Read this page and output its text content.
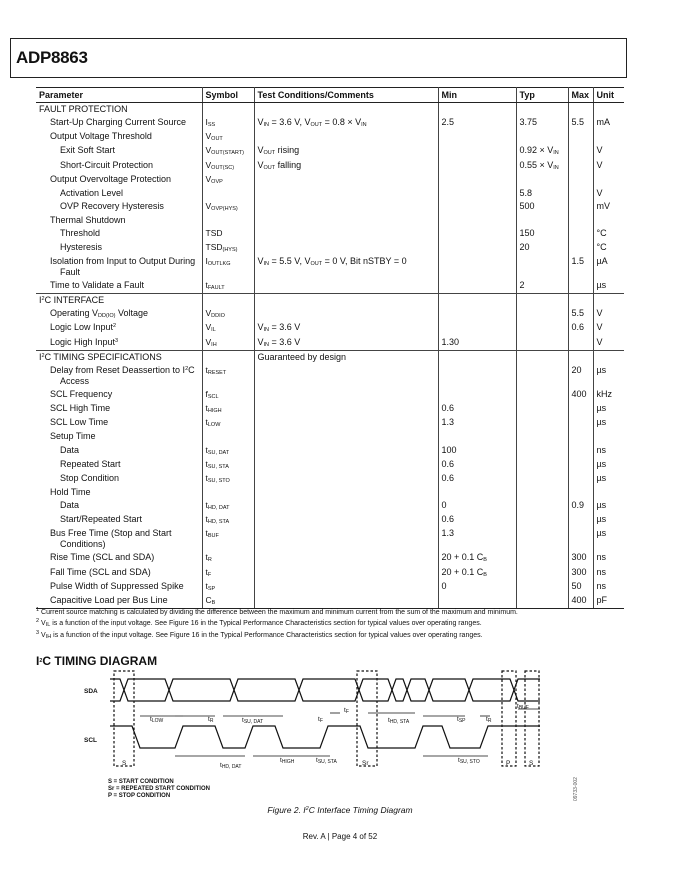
ADP8863
Parameter	Symbol	Test Conditions/Comments	Min	Typ	Max	Unit
FAULT PROTECTION						
Start-Up Charging Current Source	$I_{SS}$	$V_{IN} = 3.6$ V, $V_{OUT} = 0.8 \times V_{IN}$	2.5	3.75	5.5	mA
Output Voltage Threshold	$V_{OUT}$					
Exit Soft Start	$V_{OUT(START)}$	$V_{OUT}$ rising		$0.92 \times V_{IN}$		V
Short-Circuit Protection	$V_{OUT(SC)}$	$V_{OUT}$ falling		$0.55 \times V_{IN}$		V
Output Overvoltage Protection	$V_{OVP}$					
Activation Level				5.8		V
OVP Recovery Hysteresis	$V_{OVP(HYS)}$			500		mV
Thermal Shutdown						
Threshold	TSD			150		°C
Hysteresis	$TSD_{(HYS)}$			20		°C
Isolation from Input to Output During Fault	$I_{OUTLKG}$	$V_{IN} = 5.5$ V, $V_{OUT} = 0$ V, Bit nSTBY = 0			1.5	µA
Time to Validate a Fault	$t_{FAULT}$			2		µs
$I^2C$ INTERFACE						
Operating $V_{DD(IO)}$ Voltage	$V_{DDIO}$				5.5	V
Logic Low Input$^2$	$V_{IL}$	$V_{IN} = 3.6$ V			0.6	V
Logic High Input$^3$	$V_{IH}$	$V_{IN} = 3.6$ V	1.30			V
$I^2C$ TIMING SPECIFICATIONS		Guaranteed by design				
Delay from Reset Deassertion to $I^2C$ Access	$t_{RESET}$				20	µs
SCL Frequency	$f_{SCL}$				400	kHz
SCL High Time	$t_{HIGH}$		0.6			µs
SCL Low Time	$t_{LOW}$		1.3			µs
Setup Time						
Data	$t_{SU, DAT}$		100			ns
Repeated Start	$t_{SU, STA}$		0.6			µs
Stop Condition	$t_{SU, STO}$		0.6			µs
Hold Time						
Data	$t_{HD, DAT}$		0		0.9	µs
Start/Repeated Start	$t_{HD, STA}$		0.6			µs
Bus Free Time (Stop and Start Conditions)	$t_{BUF}$		1.3			µs
Rise Time (SCL and SDA)	$t_R$		20 + 0.1 $C_B$		300	ns
Fall Time (SCL and SDA)	$t_F$		20 + 0.1 $C_B$		300	ns
Pulse Width of Suppressed Spike	$t_{SP}$		0		50	ns
Capacitive Load per Bus Line	$C_B$				400	pF
$^1$ Current source matching is calculated by dividing the difference between the maximum and minimum current from the sum of the maximum and minimum.
$^2$ $V_{IL}$ is a function of the input voltage. See Figure 16 in the Typical Performance Characteristics section for typical values over operating ranges.
$^3$ $V_{IH}$ is a function of the input voltage. See Figure 16 in the Typical Performance Characteristics section for typical values over operating ranges.
$I^2C$ TIMING DIAGRAM
SDA
SCL
tLOW	tR	tSU, DAT	tF
tF
tHD, STA	tSP	tR
tBUF
tHD, DAT
tHIGH	tSU, STA	tSU, STO
S	Sr	P	S
S = START CONDITION
Sr = REPEATED START CONDITION
P = STOP CONDITION	09733-002
Figure 2. $I^2C$ Interface Timing Diagram
Rev. A | Page 4 of 52
